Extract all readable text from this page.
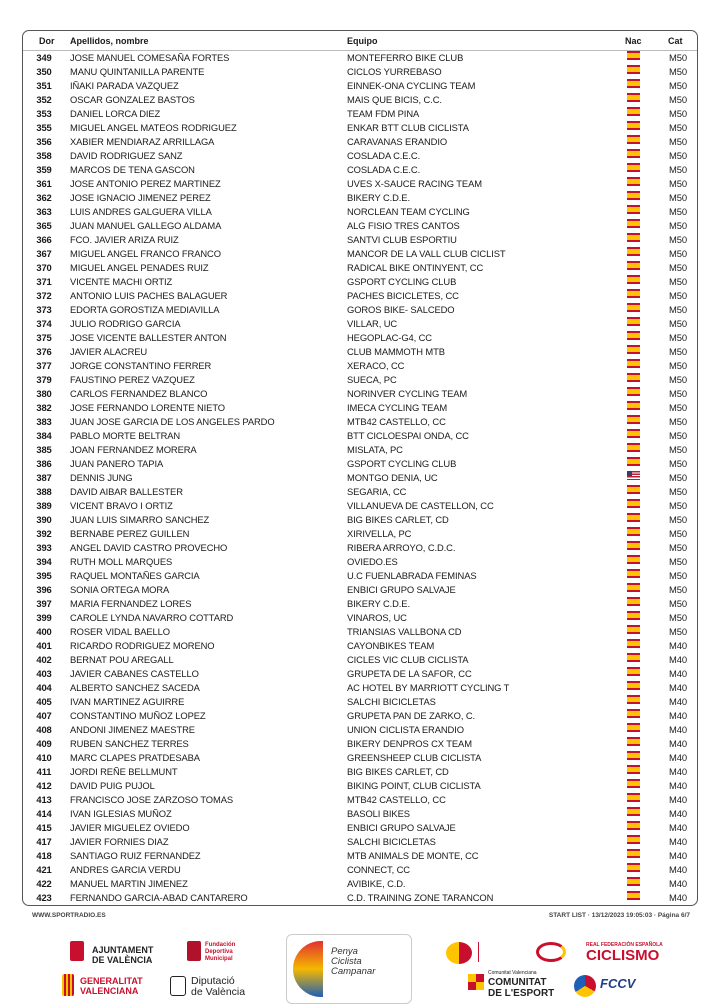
Dor Apellidos, nombre	Equipo	Nac	Cat
349	JOSE MANUEL COMESAÑA FORTES	MONTEFERRO BIKE CLUB	M50
350	MANU QUINTANILLA PARENTE	CICLOS YURREBASO	M50
351	IÑAKI PARADA VAZQUEZ	EINNEK-ONA CYCLING TEAM	M50
352	OSCAR GONZALEZ BASTOS	MAIS QUE BICIS, C.C.	M50
353	DANIEL LORCA DIEZ	TEAM FDM PINA	M50
355	MIGUEL ANGEL MATEOS RODRIGUEZ	ENKAR BTT CLUB CICLISTA	M50
356	XABIER MENDIARAZ ARRILLAGA	CARAVANAS ERANDIO	M50
358	DAVID RODRIGUEZ SANZ	COSLADA C.E.C.	M50
359	MARCOS DE TENA GASCON	COSLADA C.E.C.	M50
361	JOSE ANTONIO PEREZ MARTINEZ	UVES X-SAUCE RACING TEAM	M50
362	JOSE IGNACIO JIMENEZ PEREZ	BIKERY C.D.E.	M50
363	LUIS ANDRES GALGUERA VILLA	NORCLEAN TEAM CYCLING	M50
365	JUAN MANUEL GALLEGO ALDAMA	ALG FISIO TRES CANTOS	M50
366	FCO. JAVIER ARIZA RUIZ	SANTVI CLUB ESPORTIU	M50
367	MIGUEL ANGEL FRANCO FRANCO	MANCOR DE LA VALL CLUB CICLIST	M50
370	MIGUEL ANGEL PENADES RUIZ	RADICAL BIKE ONTINYENT, CC	M50
371	VICENTE MACHI ORTIZ	GSPORT CYCLING CLUB	M50
372	ANTONIO LUIS PACHES BALAGUER	PACHES BICICLETES, CC	M50
373	EDORTA GOROSTIZA MEDIAVILLA	GOROS BIKE- SALCEDO	M50
374	JULIO RODRIGO GARCIA	VILLAR, UC	M50
375	JOSE VICENTE BALLESTER ANTON	HEGOPLAC-G4, CC	M50
376	JAVIER ALACREU	CLUB MAMMOTH MTB	M50
377	JORGE CONSTANTINO FERRER	XERACO, CC	M50
379	FAUSTINO PEREZ VAZQUEZ	SUECA, PC	M50
380	CARLOS FERNANDEZ BLANCO	NORINVER CYCLING TEAM	M50
382	JOSE FERNANDO LORENTE NIETO	IMECA CYCLING TEAM	M50
383	JUAN JOSE GARCIA DE LOS ANGELES PARDO	MTB42 CASTELLO, CC	M50
384	PABLO MORTE BELTRAN	BTT CICLOESPAI ONDA, CC	M50
385	JOAN FERNANDEZ MORERA	MISLATA, PC	M50
386	JUAN PANERO TAPIA	GSPORT CYCLING CLUB	M50
387	DENNIS JUNG	MONTGO DENIA, UC	M50
388	DAVID AIBAR BALLESTER	SEGARIA, CC	M50
389	VICENT BRAVO I ORTIZ	VILLANUEVA DE CASTELLON, CC	M50
390	JUAN LUIS SIMARRO SANCHEZ	BIG BIKES CARLET, CD	M50
392	BERNABE PEREZ GUILLEN	XIRIVELLA, PC	M50
393	ANGEL DAVID CASTRO PROVECHO	RIBERA ARROYO, C.D.C.	M50
394	RUTH MOLL MARQUES	OVIEDO.ES	M50
395	RAQUEL MONTAÑES GARCIA	U.C FUENLABRADA FEMINAS	M50
396	SONIA ORTEGA MORA	ENBICI GRUPO SALVAJE	M50
397	MARIA FERNANDEZ LORES	BIKERY C.D.E.	M50
399	CAROLE LYNDA NAVARRO COTTARD	VINAROS, UC	M50
400	ROSER VIDAL BAELLO	TRIANSIAS VALLBONA CD	M50
401	RICARDO RODRIGUEZ MORENO	CAYONBIKES TEAM	M40
402	BERNAT POU AREGALL	CICLES VIC CLUB CICLISTA	M40
403	JAVIER CABANES CASTELLO	GRUPETA DE LA SAFOR, CC	M40
404	ALBERTO SANCHEZ SACEDA	AC HOTEL BY MARRIOTT CYCLING T	M40
405	IVAN MARTINEZ AGUIRRE	SALCHI BICICLETAS	M40
407	CONSTANTINO MUÑOZ LOPEZ	GRUPETA PAN DE ZARKO, C.	M40
408	ANDONI JIMENEZ MAESTRE	UNION CICLISTA ERANDIO	M40
409	RUBEN SANCHEZ TERRES	BIKERY DENPROS CX TEAM	M40
410	MARC CLAPES PRATDESABA	GREENSHEEP CLUB CICLISTA	M40
411	JORDI REÑE BELLMUNT	BIG BIKES CARLET, CD	M40
412	DAVID PUIG PUJOL	BIKING POINT, CLUB CICLISTA	M40
413	FRANCISCO JOSE ZARZOSO TOMAS	MTB42 CASTELLO, CC	M40
414	IVAN IGLESIAS MUÑOZ	BASOLI BIKES	M40
415	JAVIER MIGUELEZ OVIEDO	ENBICI GRUPO SALVAJE	M40
417	JAVIER FORNIES DIAZ	SALCHI BICICLETAS	M40
418	SANTIAGO RUIZ FERNANDEZ	MTB ANIMALS DE MONTE, CC	M40
421	ANDRES GARCIA VERDU	CONNECT, CC	M40
422	MANUEL MARTIN JIMENEZ	AVIBIKE, C.D.	M40
423	FERNANDO GARCIA-ABAD CANTARERO	C.D. TRAINING ZONE TARANCON	M40
WWW.SPORTRADIO.ES	START LIST · 13/12/2023 19:05:03 · Página 6/7
AJUNTAMENT
DE VALÈNCIA
Fundación
Deportiva
Municipal
GENERALITAT
VALENCIANA
Diputació
de València
Penya
Ciclista
Campanar
REAL FEDERACIÓN ESPAÑOLA
CICLISMO
Comunitat Valenciana
COMUNITAT
DE L'ESPORT
FCCV
